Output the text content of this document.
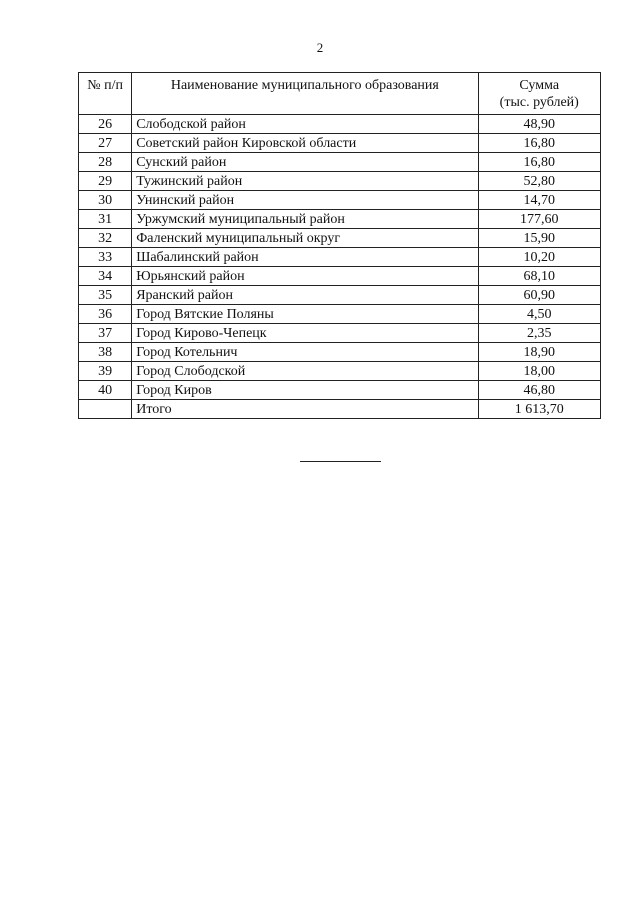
2
№ п/п	Наименование муниципального образования	Сумма
(тыс. рублей)

26	Слободской район	48,90
27	Советский район Кировской области	16,80
28	Сунский район	16,80
29	Тужинский район	52,80
30	Унинский район	14,70
31	Уржумский муниципальный район	177,60
32	Фаленский муниципальный округ	15,90
33	Шабалинский район	10,20
34	Юрьянский район	68,10
35	Яранский район	60,90
36	Город Вятские Поляны	4,50
37	Город Кирово-Чепецк	2,35
38	Город Котельнич	18,90
39	Город Слободской	18,00
40	Город Киров	46,80
	Итого	1 613,70
